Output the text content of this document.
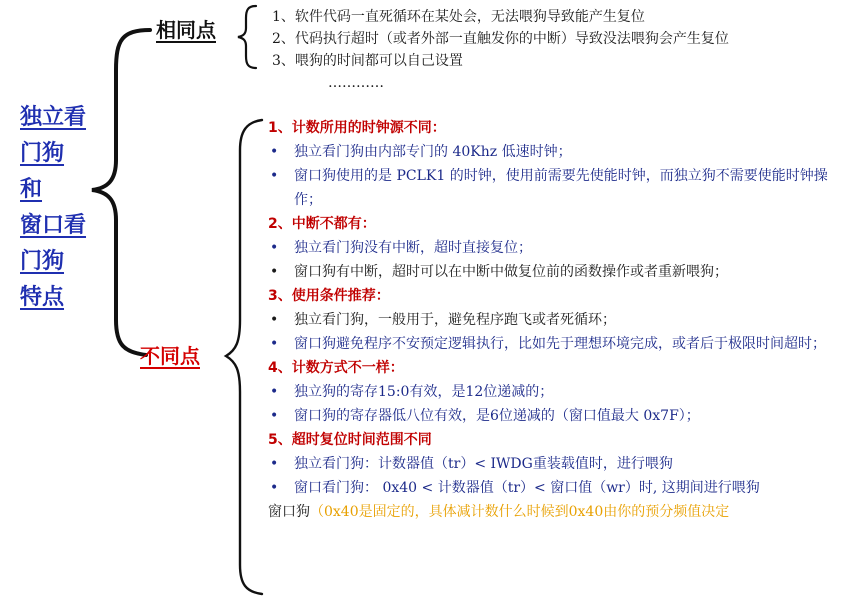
独立看
门狗
和
窗口看
门狗
特点
相同点
不同点
1、软件代码一直死循环在某处会，无法喂狗导致能产生复位
2、代码执行超时（或者外部一直触发你的中断）导致没法喂狗会产生复位
3、喂狗的时间都可以自己设置
…………
1、计数所用的时钟源不同：
• 独立看门狗由内部专门的 40Khz 低速时钟；
• 窗口狗使用的是 PCLK1 的时钟，使用前需要先使能时钟，而独立狗不需要使能时钟操作；
2、中断不都有：
• 独立看门狗没有中断，超时直接复位；
• 窗口狗有中断，超时可以在中断中做复位前的函数操作或者重新喂狗；
3、使用条件推荐：
• 独立看门狗，一般用于，避免程序跑飞或者死循环；
• 窗口狗避免程序不安预定逻辑执行，比如先于理想环境完成，或者后于极限时间超时；
4、计数方式不一样：
• 独立狗的寄存15:0有效，是12位递减的；
• 窗口狗的寄存器低八位有效，是6位递减的（窗口值最大 0x7F）；
5、超时复位时间范围不同
• 独立看门狗：计数器值（tr）< IWDG重装载值时，进行喂狗
• 窗口看门狗： 0x40 < 计数器值（tr）< 窗口值（wr）时, 这期间进行喂狗
窗口狗（0x40是固定的，具体减计数什么时候到0x40由你的预分频值决定
